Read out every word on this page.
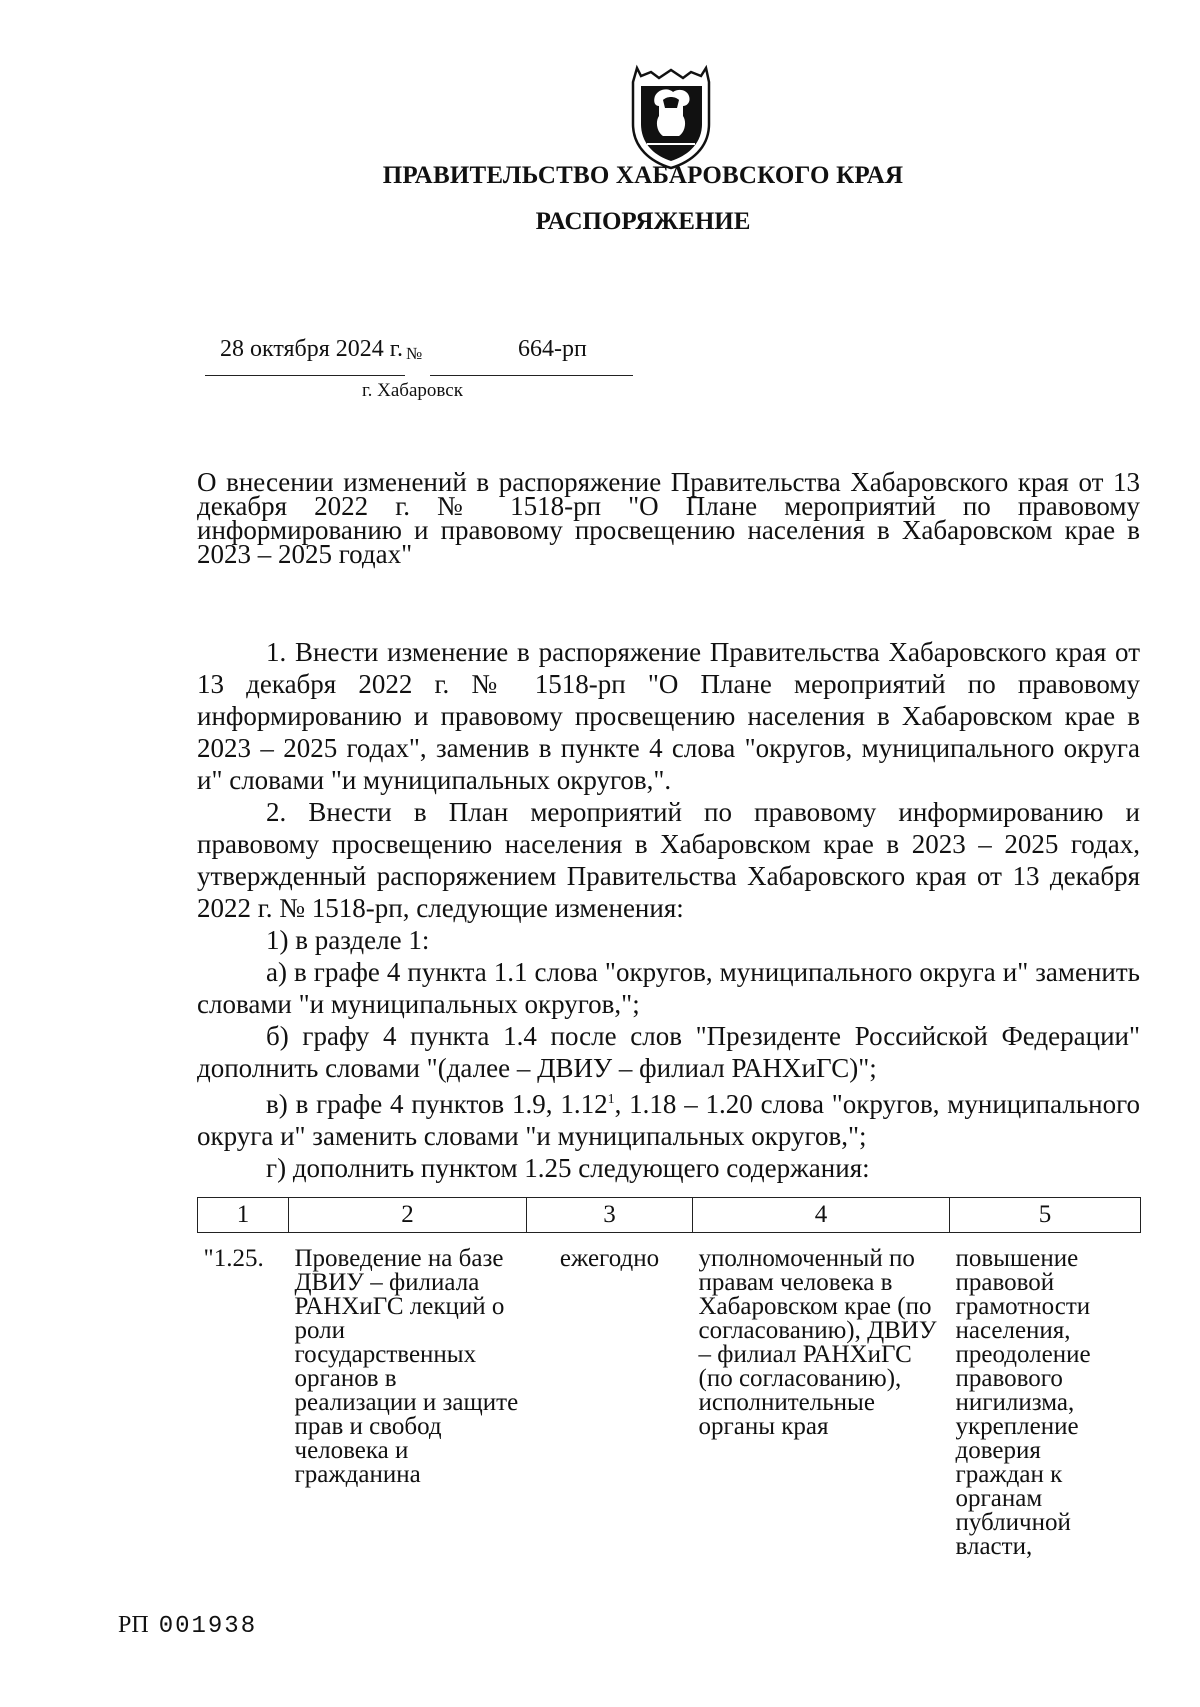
ПРАВИТЕЛЬСТВО ХАБАРОВСКОГО КРАЯ
РАСПОРЯЖЕНИЕ
28 октября 2024 г. №	664-рп
г. Хабаровск
О внесении изменений в распоряжение Правительства Хабаровского края от 13 декабря 2022 г. № 1518-рп "О Плане мероприятий по правовому информированию и правовому просвещению населения в Хабаровском крае в 2023 – 2025 годах"

1. Внести изменение в распоряжение Правительства Хабаровского края от 13 декабря 2022 г. № 1518-рп "О Плане мероприятий по правовому информированию и правовому просвещению населения в Хабаровском крае в 2023 – 2025 годах", заменив в пункте 4 слова "округов, муниципального округа и" словами "и муниципальных округов,".

2. Внести в План мероприятий по правовому информированию и правовому просвещению населения в Хабаровском крае в 2023 – 2025 годах, утвержденный распоряжением Правительства Хабаровского края от 13 декабря 2022 г. № 1518-рп, следующие изменения:

1) в разделе 1:

а) в графе 4 пункта 1.1 слова "округов, муниципального округа и" заменить словами "и муниципальных округов,";

б) графу 4 пункта 1.4 после слов "Президенте Российской Федерации" дополнить словами "(далее – ДВИУ – филиал РАНХиГС)";

в) в графе 4 пунктов 1.9, 1.12$^1$, 1.18 – 1.20 слова "округов, муниципального округа и" заменить словами "и муниципальных округов,";

г) дополнить пунктом 1.25 следующего содержания:

1	2	3	4	5
"1.25.	Проведение на базе ДВИУ – филиала РАНХиГС лекций о роли государственных органов в реализации и защите прав и свобод человека и гражданина	ежегодно	уполномоченный по правам человека в Хабаровском крае (по согласованию), ДВИУ – филиал РАНХиГС (по согласованию), исполнительные органы края	повышение правовой грамотности населения, преодоление правового нигилизма, укрепление доверия граждан к органам публичной власти,
РП 001938
